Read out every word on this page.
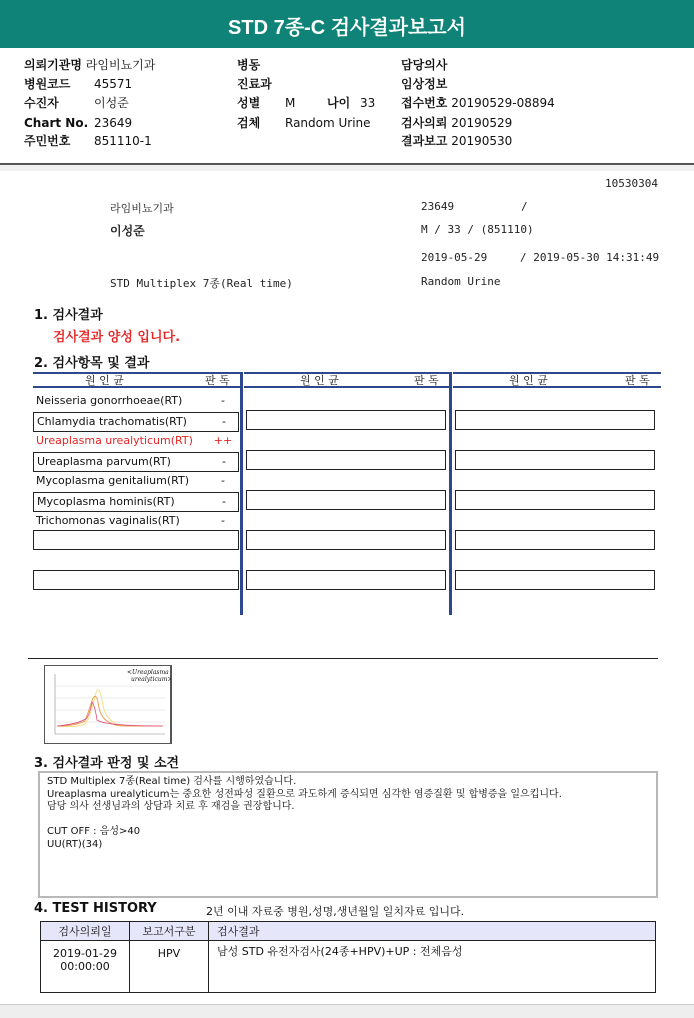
STD 7종-C 검사결과보고서
의뢰기관명 라임비뇨기과
병원코드 45571
수진자	이성준
Chart No. 23649
주민번호 851110-1
병동
진료과
성별 M	나이 33
검체 Random Urine
담당의사
임상정보
접수번호 20190529-08894
검사의뢰 20190529
결과보고 20190530
10530304
라임비뇨기과	23649	/
이성준	M / 33 / (851110)
2019-05-29	/ 2019-05-30 14:31:49
STD Multiplex 7종(Real time)	Random Urine
1. 검사결과
검사결과 양성 입니다.
2. 검사항목 및 결과
원 인 균	판 독
Neisseria gonorrhoeae(RT)	-
Chlamydia trachomatis(RT)	-
Ureaplasma urealyticum(RT) ++
Ureaplasma parvum(RT)	-
Mycoplasma genitalium(RT)	-
Mycoplasma hominis(RT)	-
Trichomonas vaginalis(RT)	-
원 인 균	판 독	원 인 균	판 독
·	·	·	·	·	·
<Ureaplasma
urealyticum>
3. 검사결과 판정 및 소견
STD Multiplex 7종(Real time) 검사를 시행하였습니다.
Ureaplasma urealyticum는 중요한 성전파성 질환으로 과도하게 증식되면 심각한 염증질환 및 합병증을 일으킵니다.
담당 의사 선생님과의 상담과 치료 후 재검을 권장합니다.
CUT OFF : 음성>40
UU(RT)(34)
4. TEST HISTORY	2년 이내 자료중 병원,성명,생년월일 일치자료 입니다.
검사의뢰일	보고서구분	검사결과

2019-01-29
00:00:00	HPV	남성 STD 유전자검사(24종+HPV)+UP : 전체음성
